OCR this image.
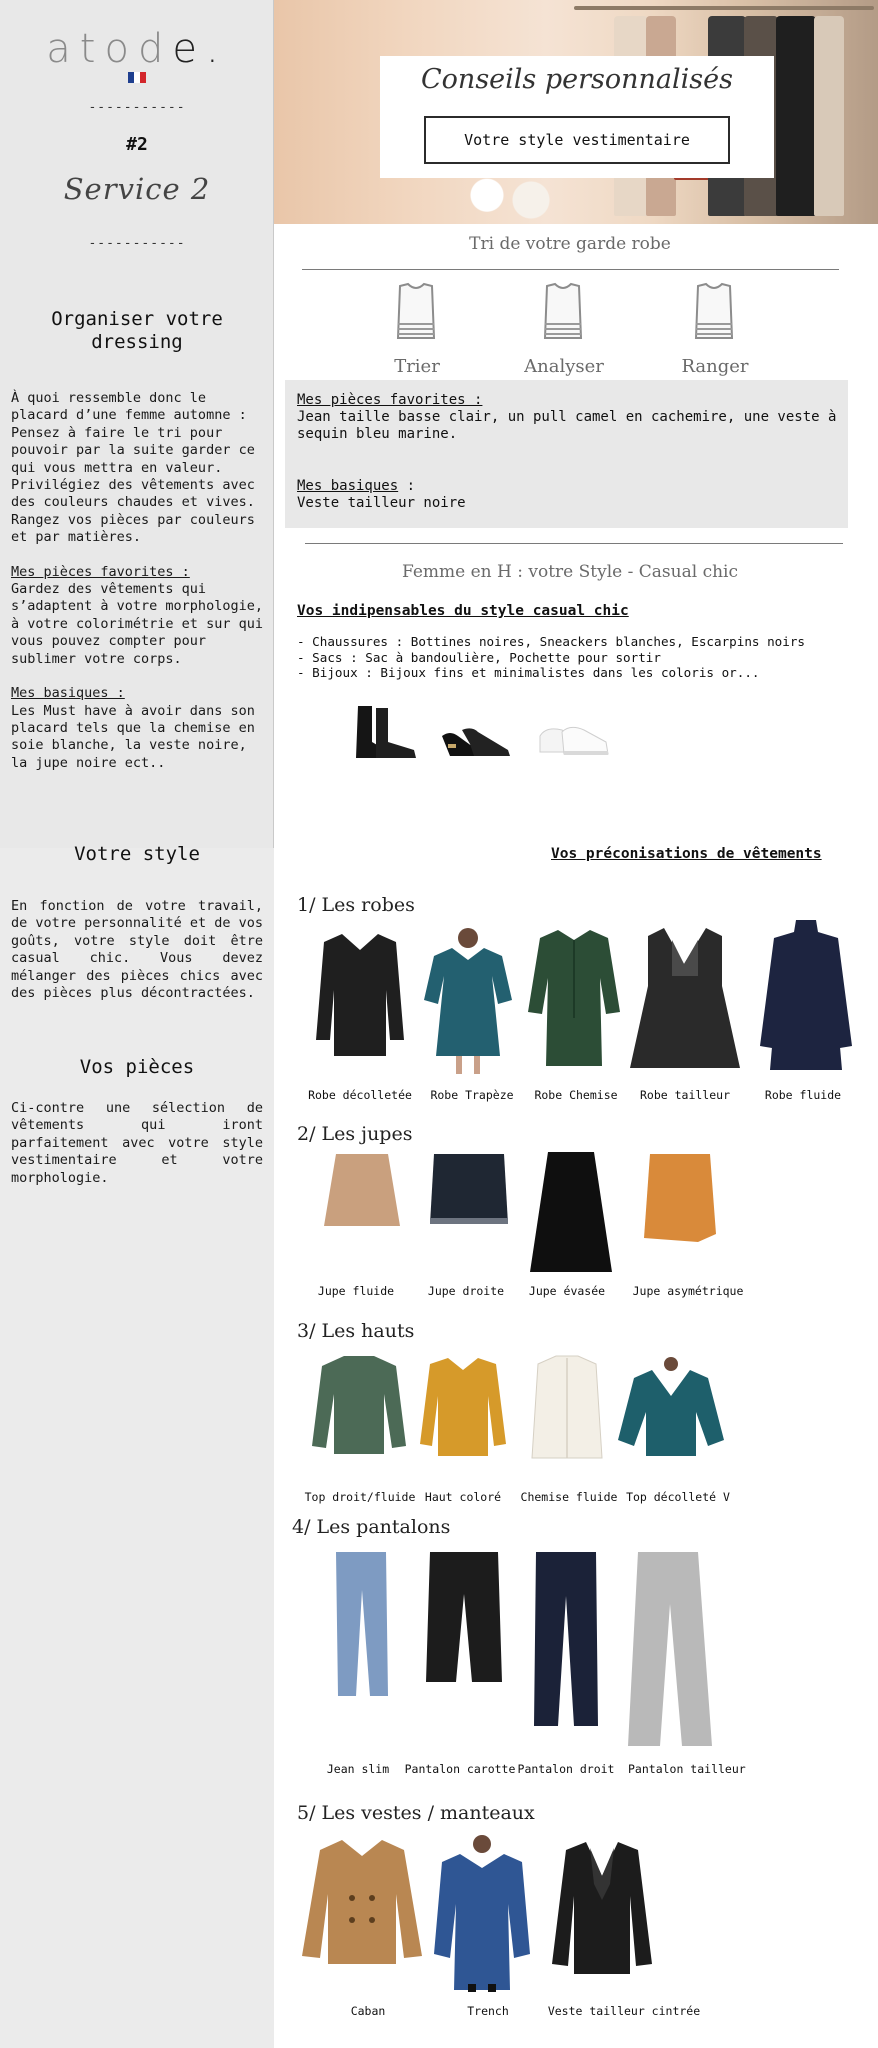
atode.
-----------
#2
Service 2
-----------
Organiser votre dressing
À quoi ressemble donc le placard d’une femme automne : Pensez à faire le tri pour pouvoir par la suite garder ce qui vous mettra en valeur. Privilégiez des vêtements avec des couleurs chaudes et vives. Rangez vos pièces par couleurs et par matières.
Mes pièces favorites :
Gardez des vêtements qui s’adaptent à votre morphologie, à votre colorimétrie et sur qui vous pouvez compter pour sublimer votre corps.
Mes basiques :
Les Must have à avoir dans son placard tels que la chemise en soie blanche, la veste noire, la jupe noire ect..
Votre style
En fonction de votre travail, de votre personnalité et de vos goûts, votre style doit être casual chic. Vous devez mélanger des pièces chics avec des pièces plus décontractées.
Vos pièces
Ci-contre une sélection de vêtements qui iront parfaitement avec votre style vestimentaire et votre morphologie.
Conseils personnalisés
Votre style vestimentaire
Tri de votre garde robe
Trier	Analyser	Ranger
Mes pièces favorites :
Jean taille basse clair, un pull camel en cachemire, une veste à sequin bleu marine.
Mes basiques :
Veste tailleur noire
Femme en H : votre Style - Casual chic
Vos indipensables du style casual chic
- Chaussures : Bottines noires, Sneackers blanches, Escarpins noirs
- Sacs : Sac à bandoulière, Pochette pour sortir
- Bijoux : Bijoux fins et minimalistes dans les coloris or...
Vos préconisations de vêtements
1/ Les robes
Robe décolletée	Robe Trapèze	Robe Chemise	Robe tailleur	Robe fluide
2/ Les jupes
Jupe fluide	Jupe droite	Jupe évasée	Jupe asymétrique
3/ Les hauts
Top droit/fluide Haut coloré	Chemise fluide Top décolleté V
4/ Les pantalons
Jean slim	Pantalon carotte Pantalon droit	Pantalon tailleur
5/ Les vestes / manteaux
Caban	Trench	Veste tailleur cintrée
